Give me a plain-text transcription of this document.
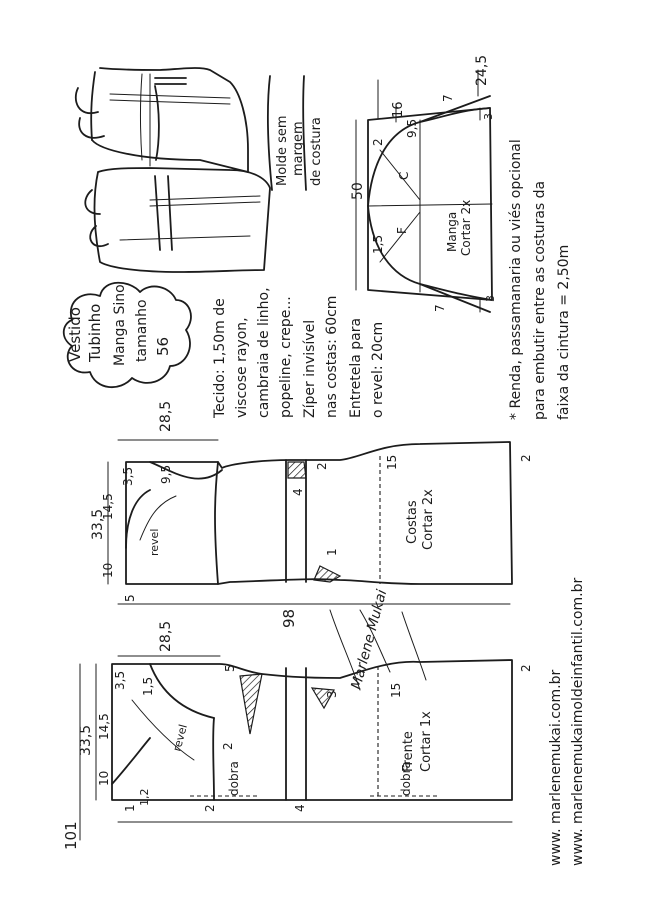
Vestido Tubinho Manga Sino tamanho 56	Tecido: 1,50m de viscose rayon, cambraia de linho, popeline, crepe... Zíper invisível nas costas: 60cm Entretela para o revel: 20cm
Molde sem margem de costura
50
24,5
16
9,5
2
1,5
7
7
3
3
C
F	Manga Cortar 2x	* Renda, passamanaria ou viés opcional para embutir entre as costuras da faixa da cintura = 2,50m
28,5
33,5
10
14,5
3,5 9,5
5
4
2
2
15
1
revel	Costas Cortar 2x
98	Marlene Mukai
28,5
33,5
10
14,5
3,5 1,5
5
4
2
2
2
3	15
1
1,2
revel
dobra	dobra
Frente Cortar 1x
101	www. marlenemukai.com.br www. marlenemukaimoldeinfantil.com.br
